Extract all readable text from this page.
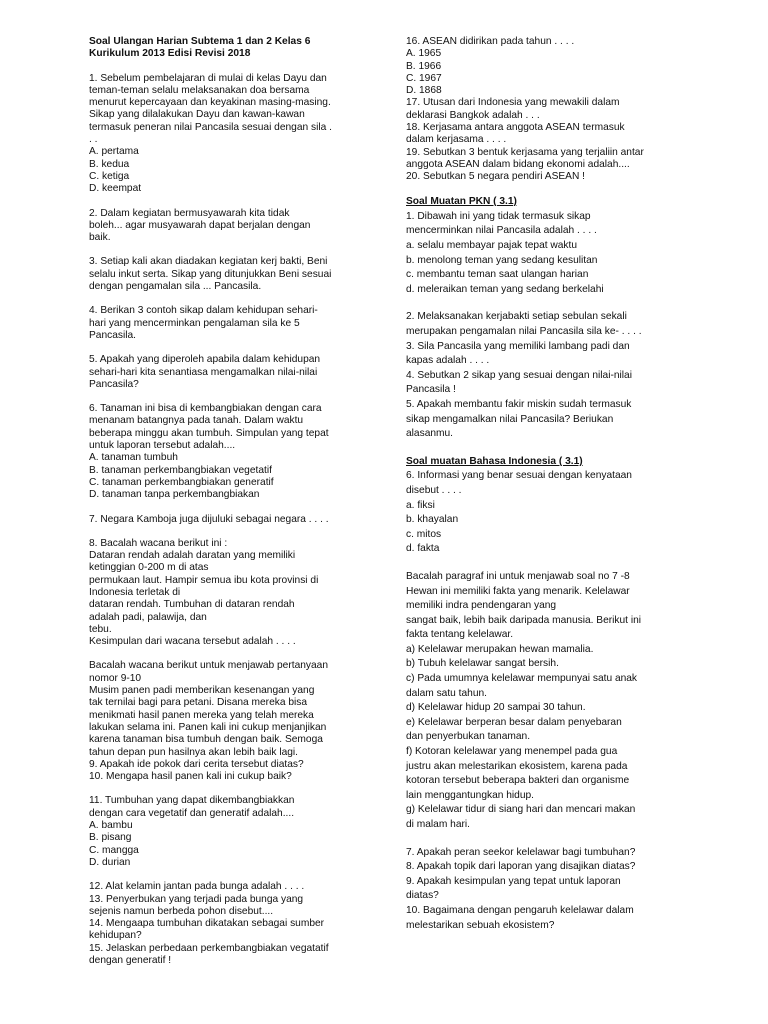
Soal Ulangan Harian Subtema 1 dan 2 Kelas 6
Kurikulum 2013 Edisi Revisi 2018

1. Sebelum pembelajaran di mulai di kelas Dayu dan
teman-teman selalu melaksanakan doa bersama
menurut kepercayaan dan keyakinan masing-masing.
Sikap yang dilalakukan Dayu dan kawan-kawan
termasuk peneran nilai Pancasila sesuai dengan sila .
. .
A. pertama
B. kedua
C. ketiga
D. keempat

2. Dalam kegiatan bermusyawarah kita tidak
boleh... agar musyawarah dapat berjalan dengan
baik.

3. Setiap kali akan diadakan kegiatan kerj bakti, Beni
selalu inkut serta. Sikap yang ditunjukkan Beni sesuai
dengan pengamalan sila ... Pancasila.

4. Berikan 3 contoh sikap dalam kehidupan sehari-
hari yang mencerminkan pengalaman sila ke 5
Pancasila.

5. Apakah yang diperoleh apabila dalam kehidupan
sehari-hari kita senantiasa mengamalkan nilai-nilai
Pancasila?

6. Tanaman ini bisa di kembangbiakan dengan cara
menanam batangnya pada tanah. Dalam waktu
beberapa minggu akan tumbuh. Simpulan yang tepat
untuk laporan tersebut adalah....
A. tanaman tumbuh
B. tanaman perkembangbiakan vegetatif
C. tanaman perkembangbiakan generatif
D. tanaman tanpa perkembangbiakan

7. Negara Kamboja juga dijuluki sebagai negara . . . .

8. Bacalah wacana berikut ini :
Dataran rendah adalah daratan yang memiliki
ketinggian 0-200 m di atas
permukaan laut. Hampir semua ibu kota provinsi di
Indonesia terletak di
dataran rendah. Tumbuhan di dataran rendah
adalah padi, palawija, dan
tebu.
Kesimpulan dari wacana tersebut adalah . . . .

Bacalah wacana berikut untuk menjawab pertanyaan
nomor 9-10
Musim panen padi memberikan kesenangan yang
tak ternilai bagi para petani. Disana mereka bisa
menikmati hasil panen mereka yang telah mereka
lakukan selama ini. Panen kali ini cukup menjanjikan
karena tanaman bisa tumbuh dengan baik. Semoga
tahun depan pun hasilnya akan lebih baik lagi.
9. Apakah ide pokok dari cerita tersebut diatas?
10. Mengapa hasil panen kali ini cukup baik?

11. Tumbuhan yang dapat dikembangbiakkan
dengan cara vegetatif dan generatif adalah....
A. bambu
B. pisang
C. mangga
D. durian

12. Alat kelamin jantan pada bunga adalah . . . .
13. Penyerbukan yang terjadi pada bunga yang
sejenis namun berbeda pohon disebut....
14. Mengaapa tumbuhan dikatakan sebagai sumber
kehidupan?
15. Jelaskan perbedaan perkembangbiakan vegatatif
dengan generatif !

16. ASEAN didirikan pada tahun . . . .
A. 1965
B. 1966
C. 1967
D. 1868
17. Utusan dari Indonesia yang mewakili dalam
deklarasi Bangkok adalah . . .
18. Kerjasama antara anggota ASEAN termasuk
dalam kerjasama . . . .
19. Sebutkan 3 bentuk kerjasama yang terjaliin antar
anggota ASEAN dalam bidang ekonomi adalah....
20. Sebutkan 5 negara pendiri ASEAN !

Soal Muatan PKN ( 3.1)

1. Dibawah ini yang tidak termasuk sikap
mencerminkan nilai Pancasila adalah . . . .
a. selalu membayar pajak tepat waktu
b. menolong teman yang sedang kesulitan
c. membantu teman saat ulangan harian
d. meleraikan teman yang sedang berkelahi

2. Melaksanakan kerjabakti setiap sebulan sekali
merupakan pengamalan nilai Pancasila sila ke- . . . .
3. Sila Pancasila yang memiliki lambang padi dan
kapas adalah . . . .
4. Sebutkan 2 sikap yang sesuai dengan nilai-nilai
Pancasila !
5. Apakah membantu fakir miskin sudah termasuk
sikap mengamalkan nilai Pancasila? Beriukan
alasanmu.

Soal muatan Bahasa Indonesia ( 3.1)

6. Informasi yang benar sesuai dengan kenyataan
disebut . . . .
a. fiksi
b. khayalan
c. mitos
d. fakta

Bacalah paragraf ini untuk menjawab soal no 7 -8
Hewan ini memiliki fakta yang menarik. Kelelawar
memiliki indra pendengaran yang
sangat baik, lebih baik daripada manusia. Berikut ini
fakta tentang kelelawar.
a) Kelelawar merupakan hewan mamalia.
b) Tubuh kelelawar sangat bersih.
c) Pada umumnya kelelawar mempunyai satu anak
dalam satu tahun.
d) Kelelawar hidup 20 sampai 30 tahun.
e) Kelelawar berperan besar dalam penyebaran
dan penyerbukan tanaman.
f) Kotoran kelelawar yang menempel pada gua
justru akan melestarikan ekosistem, karena pada
kotoran tersebut beberapa bakteri dan organisme
lain menggantungkan hidup.
g) Kelelawar tidur di siang hari dan mencari makan
di malam hari.

7. Apakah peran seekor kelelawar bagi tumbuhan?
8. Apakah topik dari laporan yang disajikan diatas?
9. Apakah kesimpulan yang tepat untuk laporan
diatas?
10. Bagaimana dengan pengaruh kelelawar dalam
melestarikan sebuah ekosistem?
